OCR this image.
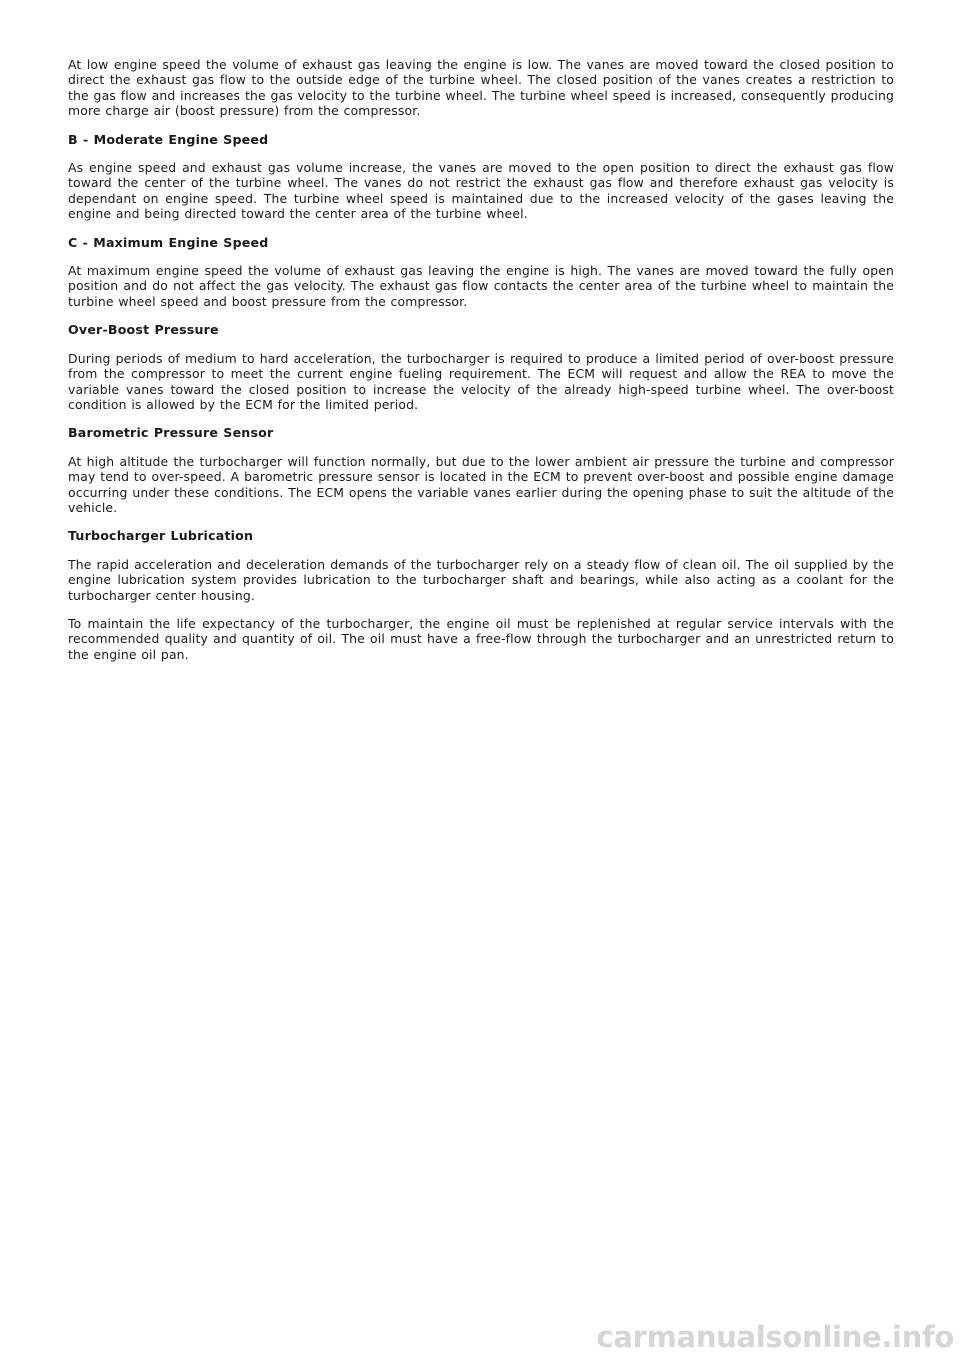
At low engine speed the volume of exhaust gas leaving the engine is low. The vanes are moved toward the closed position to direct the exhaust gas flow to the outside edge of the turbine wheel. The closed position of the vanes creates a restriction to the gas flow and increases the gas velocity to the turbine wheel. The turbine wheel speed is increased, consequently producing more charge air (boost pressure) from the compressor.

B - Moderate Engine Speed

As engine speed and exhaust gas volume increase, the vanes are moved to the open position to direct the exhaust gas flow toward the center of the turbine wheel. The vanes do not restrict the exhaust gas flow and therefore exhaust gas velocity is dependant on engine speed. The turbine wheel speed is maintained due to the increased velocity of the gases leaving the engine and being directed toward the center area of the turbine wheel.

C - Maximum Engine Speed

At maximum engine speed the volume of exhaust gas leaving the engine is high. The vanes are moved toward the fully open position and do not affect the gas velocity. The exhaust gas flow contacts the center area of the turbine wheel to maintain the turbine wheel speed and boost pressure from the compressor.

Over-Boost Pressure

During periods of medium to hard acceleration, the turbocharger is required to produce a limited period of over-boost pressure from the compressor to meet the current engine fueling requirement. The ECM will request and allow the REA to move the variable vanes toward the closed position to increase the velocity of the already high-speed turbine wheel. The over-boost condition is allowed by the ECM for the limited period.

Barometric Pressure Sensor

At high altitude the turbocharger will function normally, but due to the lower ambient air pressure the turbine and compressor may tend to over-speed. A barometric pressure sensor is located in the ECM to prevent over-boost and possible engine damage occurring under these conditions. The ECM opens the variable vanes earlier during the opening phase to suit the altitude of the vehicle.

Turbocharger Lubrication

The rapid acceleration and deceleration demands of the turbocharger rely on a steady flow of clean oil. The oil supplied by the engine lubrication system provides lubrication to the turbocharger shaft and bearings, while also acting as a coolant for the turbocharger center housing.

To maintain the life expectancy of the turbocharger, the engine oil must be replenished at regular service intervals with the recommended quality and quantity of oil. The oil must have a free-flow through the turbocharger and an unrestricted return to the engine oil pan.

carmanualsonline.info
